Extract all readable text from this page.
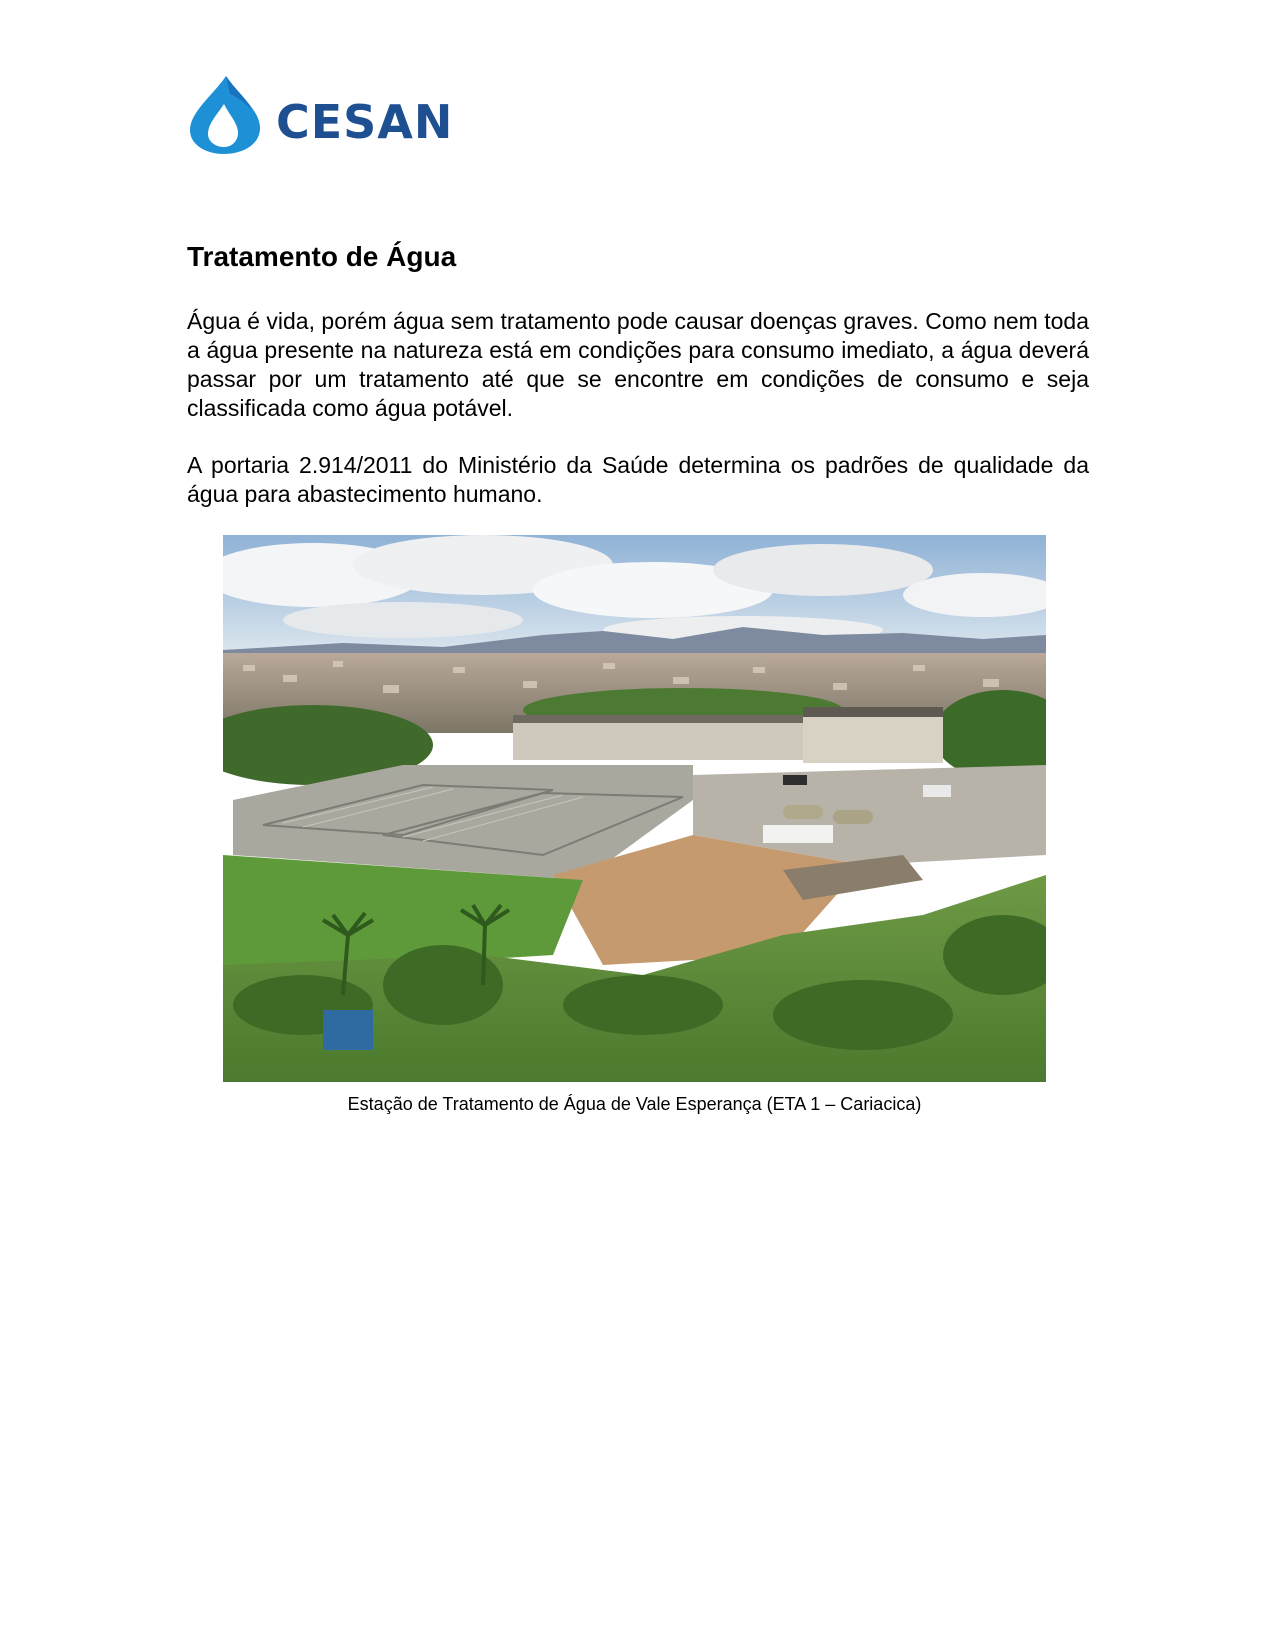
CESAN
Tratamento de Água

Água é vida, porém água sem tratamento pode causar doenças graves. Como nem toda a água presente na natureza está em condições para consumo imediato, a água deverá passar por um tratamento até que se encontre em condições de consumo e seja classificada como água potável.

A portaria 2.914/2011 do Ministério da Saúde determina os padrões de qualidade da água para abastecimento humano.

Estação de Tratamento de Água de Vale Esperança (ETA 1 – Cariacica)
